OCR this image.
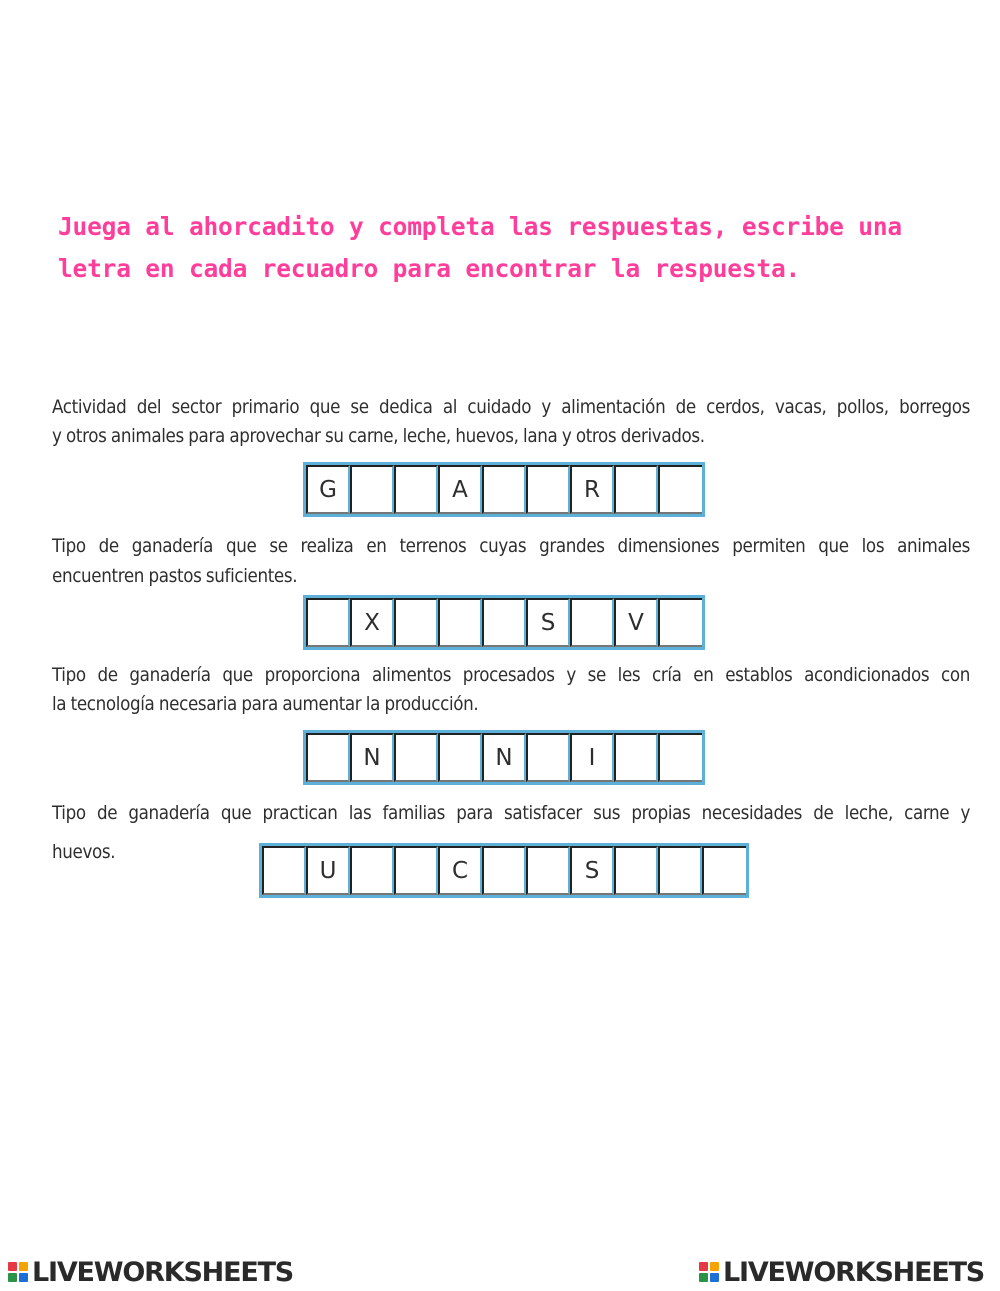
Juega al ahorcadito y completa las respuestas, escribe una
letra en cada recuadro para encontrar la respuesta.

Actividad del sector primario que se dedica al cuidado y alimentación de cerdos, vacas, pollos, borregos

y otros animales para aprovechar su carne, leche, huevos, lana y otros derivados.

G
A
R

Tipo de ganadería que se realiza en terrenos cuyas grandes dimensiones permiten que los animales

encuentren pastos suficientes.

X
S
V

Tipo de ganadería que proporciona alimentos procesados y se les cría en establos acondicionados con

la tecnología necesaria para aumentar la producción.

N
N
I

Tipo de ganadería que practican las familias para satisfacer sus propias necesidades de leche, carne y

huevos.

U
C
S
LIVEWORKSHEETS	LIVEWORKSHEETS
